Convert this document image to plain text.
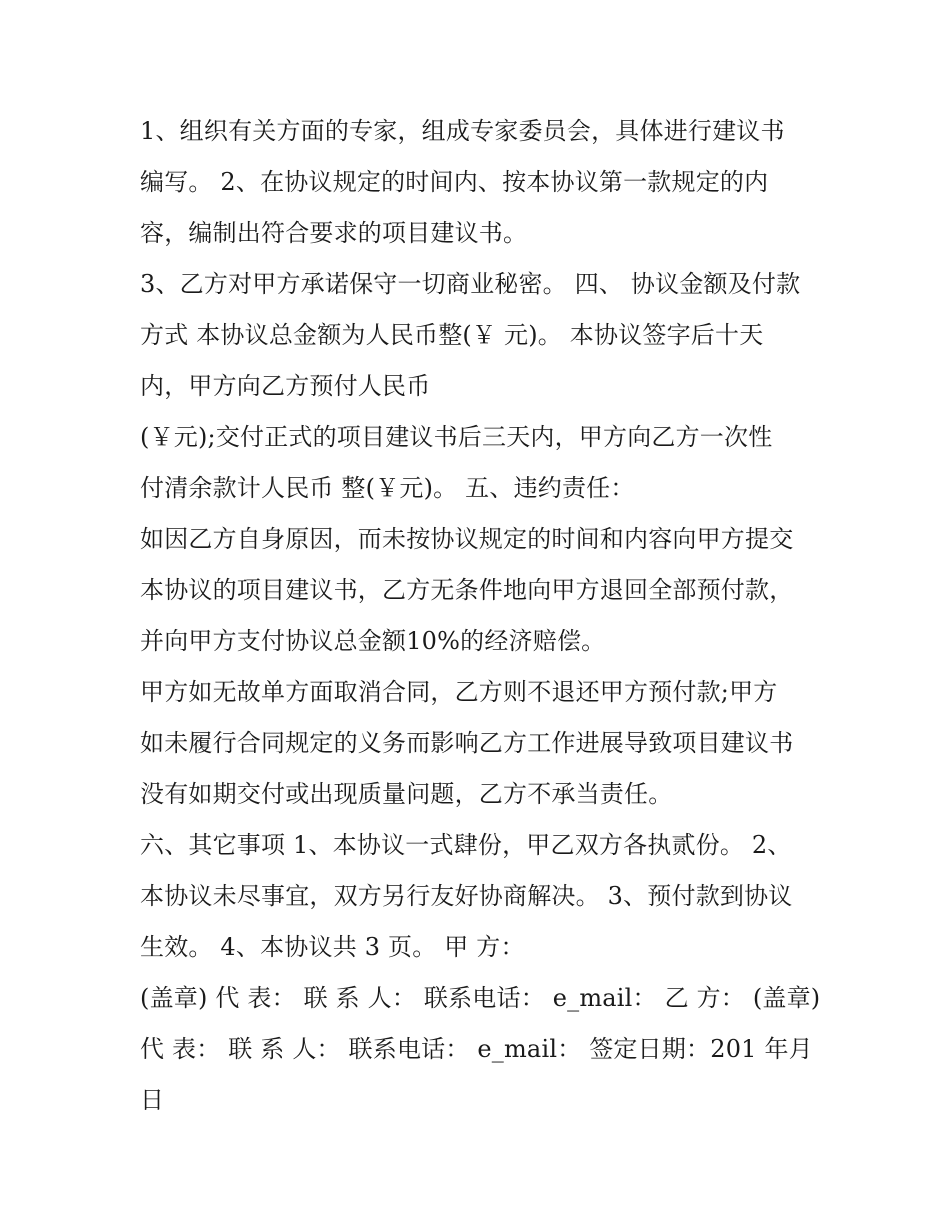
1、组织有关方面的专家，组成专家委员会，具体进行建议书
编写。 2、在协议规定的时间内、按本协议第一款规定的内
容，编制出符合要求的项目建议书。
3、乙方对甲方承诺保守一切商业秘密。 四、 协议金额及付款
方式 本协议总金额为人民币整(￥ 元)。 本协议签字后十天
内，甲方向乙方预付人民币
(￥元);交付正式的项目建议书后三天内，甲方向乙方一次性
付清余款计人民币 整(￥元)。 五、违约责任：
如因乙方自身原因，而未按协议规定的时间和内容向甲方提交
本协议的项目建议书，乙方无条件地向甲方退回全部预付款，
并向甲方支付协议总金额10%的经济赔偿。
甲方如无故单方面取消合同，乙方则不退还甲方预付款;甲方
如未履行合同规定的义务而影响乙方工作进展导致项目建议书
没有如期交付或出现质量问题，乙方不承当责任。
六、其它事项 1、本协议一式肆份，甲乙双方各执贰份。 2、
本协议未尽事宜，双方另行友好协商解决。 3、预付款到协议
生效。 4、本协议共 3 页。 甲 方：
(盖章) 代 表： 联 系 人： 联系电话： e_mail： 乙 方： (盖章)
代 表： 联 系 人： 联系电话： e_mail： 签定日期：201 年月
日
